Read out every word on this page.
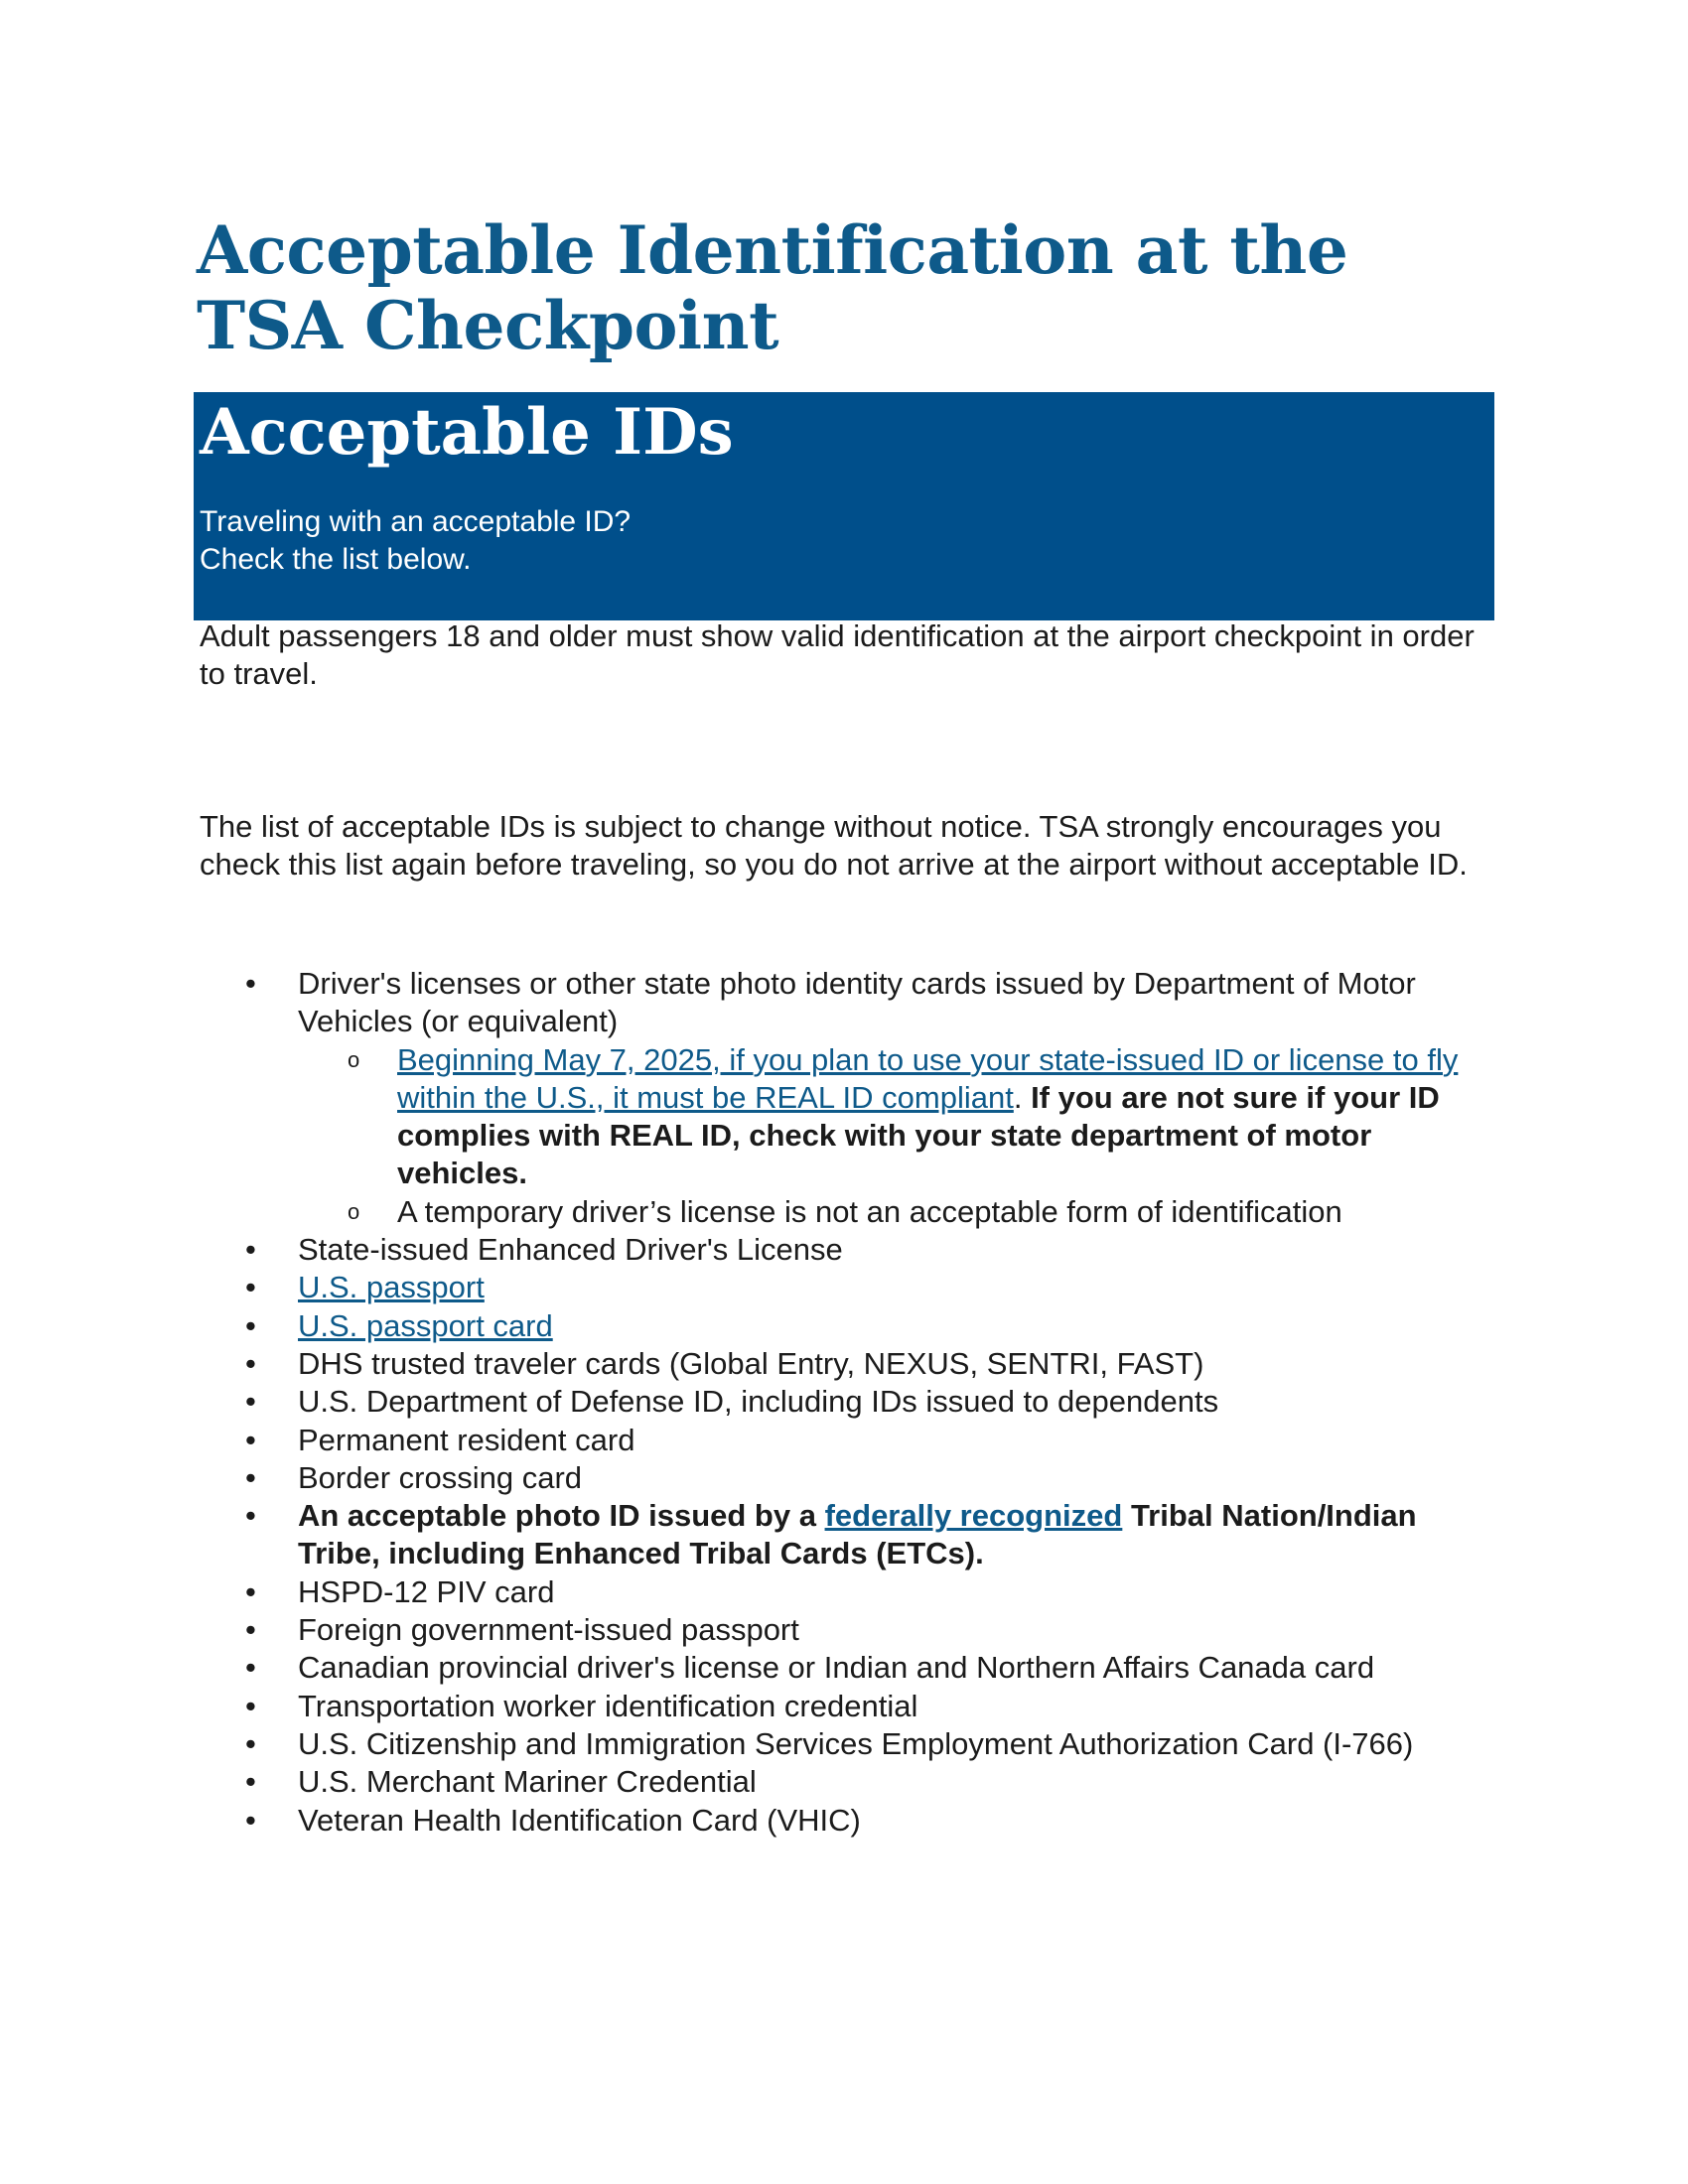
Acceptable Identification at the TSA Checkpoint
Acceptable IDs

Traveling with an acceptable ID?
Check the list below.

Adult passengers 18 and older must show valid identification at the airport checkpoint in order to travel.

The list of acceptable IDs is subject to change without notice. TSA strongly encourages you check this list again before traveling, so you do not arrive at the airport without acceptable ID.

• Driver's licenses or other state photo identity cards issued by Department of Motor Vehicles (or equivalent)
o Beginning May 7, 2025, if you plan to use your state-issued ID or license to fly within the U.S., it must be REAL ID compliant. If you are not sure if your ID complies with REAL ID, check with your state department of motor vehicles.
o A temporary driver’s license is not an acceptable form of identification
• State-issued Enhanced Driver's License
• U.S. passport
• U.S. passport card
• DHS trusted traveler cards (Global Entry, NEXUS, SENTRI, FAST)
• U.S. Department of Defense ID, including IDs issued to dependents
• Permanent resident card
• Border crossing card
• An acceptable photo ID issued by a federally recognized Tribal Nation/Indian Tribe, including Enhanced Tribal Cards (ETCs).
• HSPD-12 PIV card
• Foreign government-issued passport
• Canadian provincial driver's license or Indian and Northern Affairs Canada card
• Transportation worker identification credential
• U.S. Citizenship and Immigration Services Employment Authorization Card (I-766)
• U.S. Merchant Mariner Credential
• Veteran Health Identification Card (VHIC)
